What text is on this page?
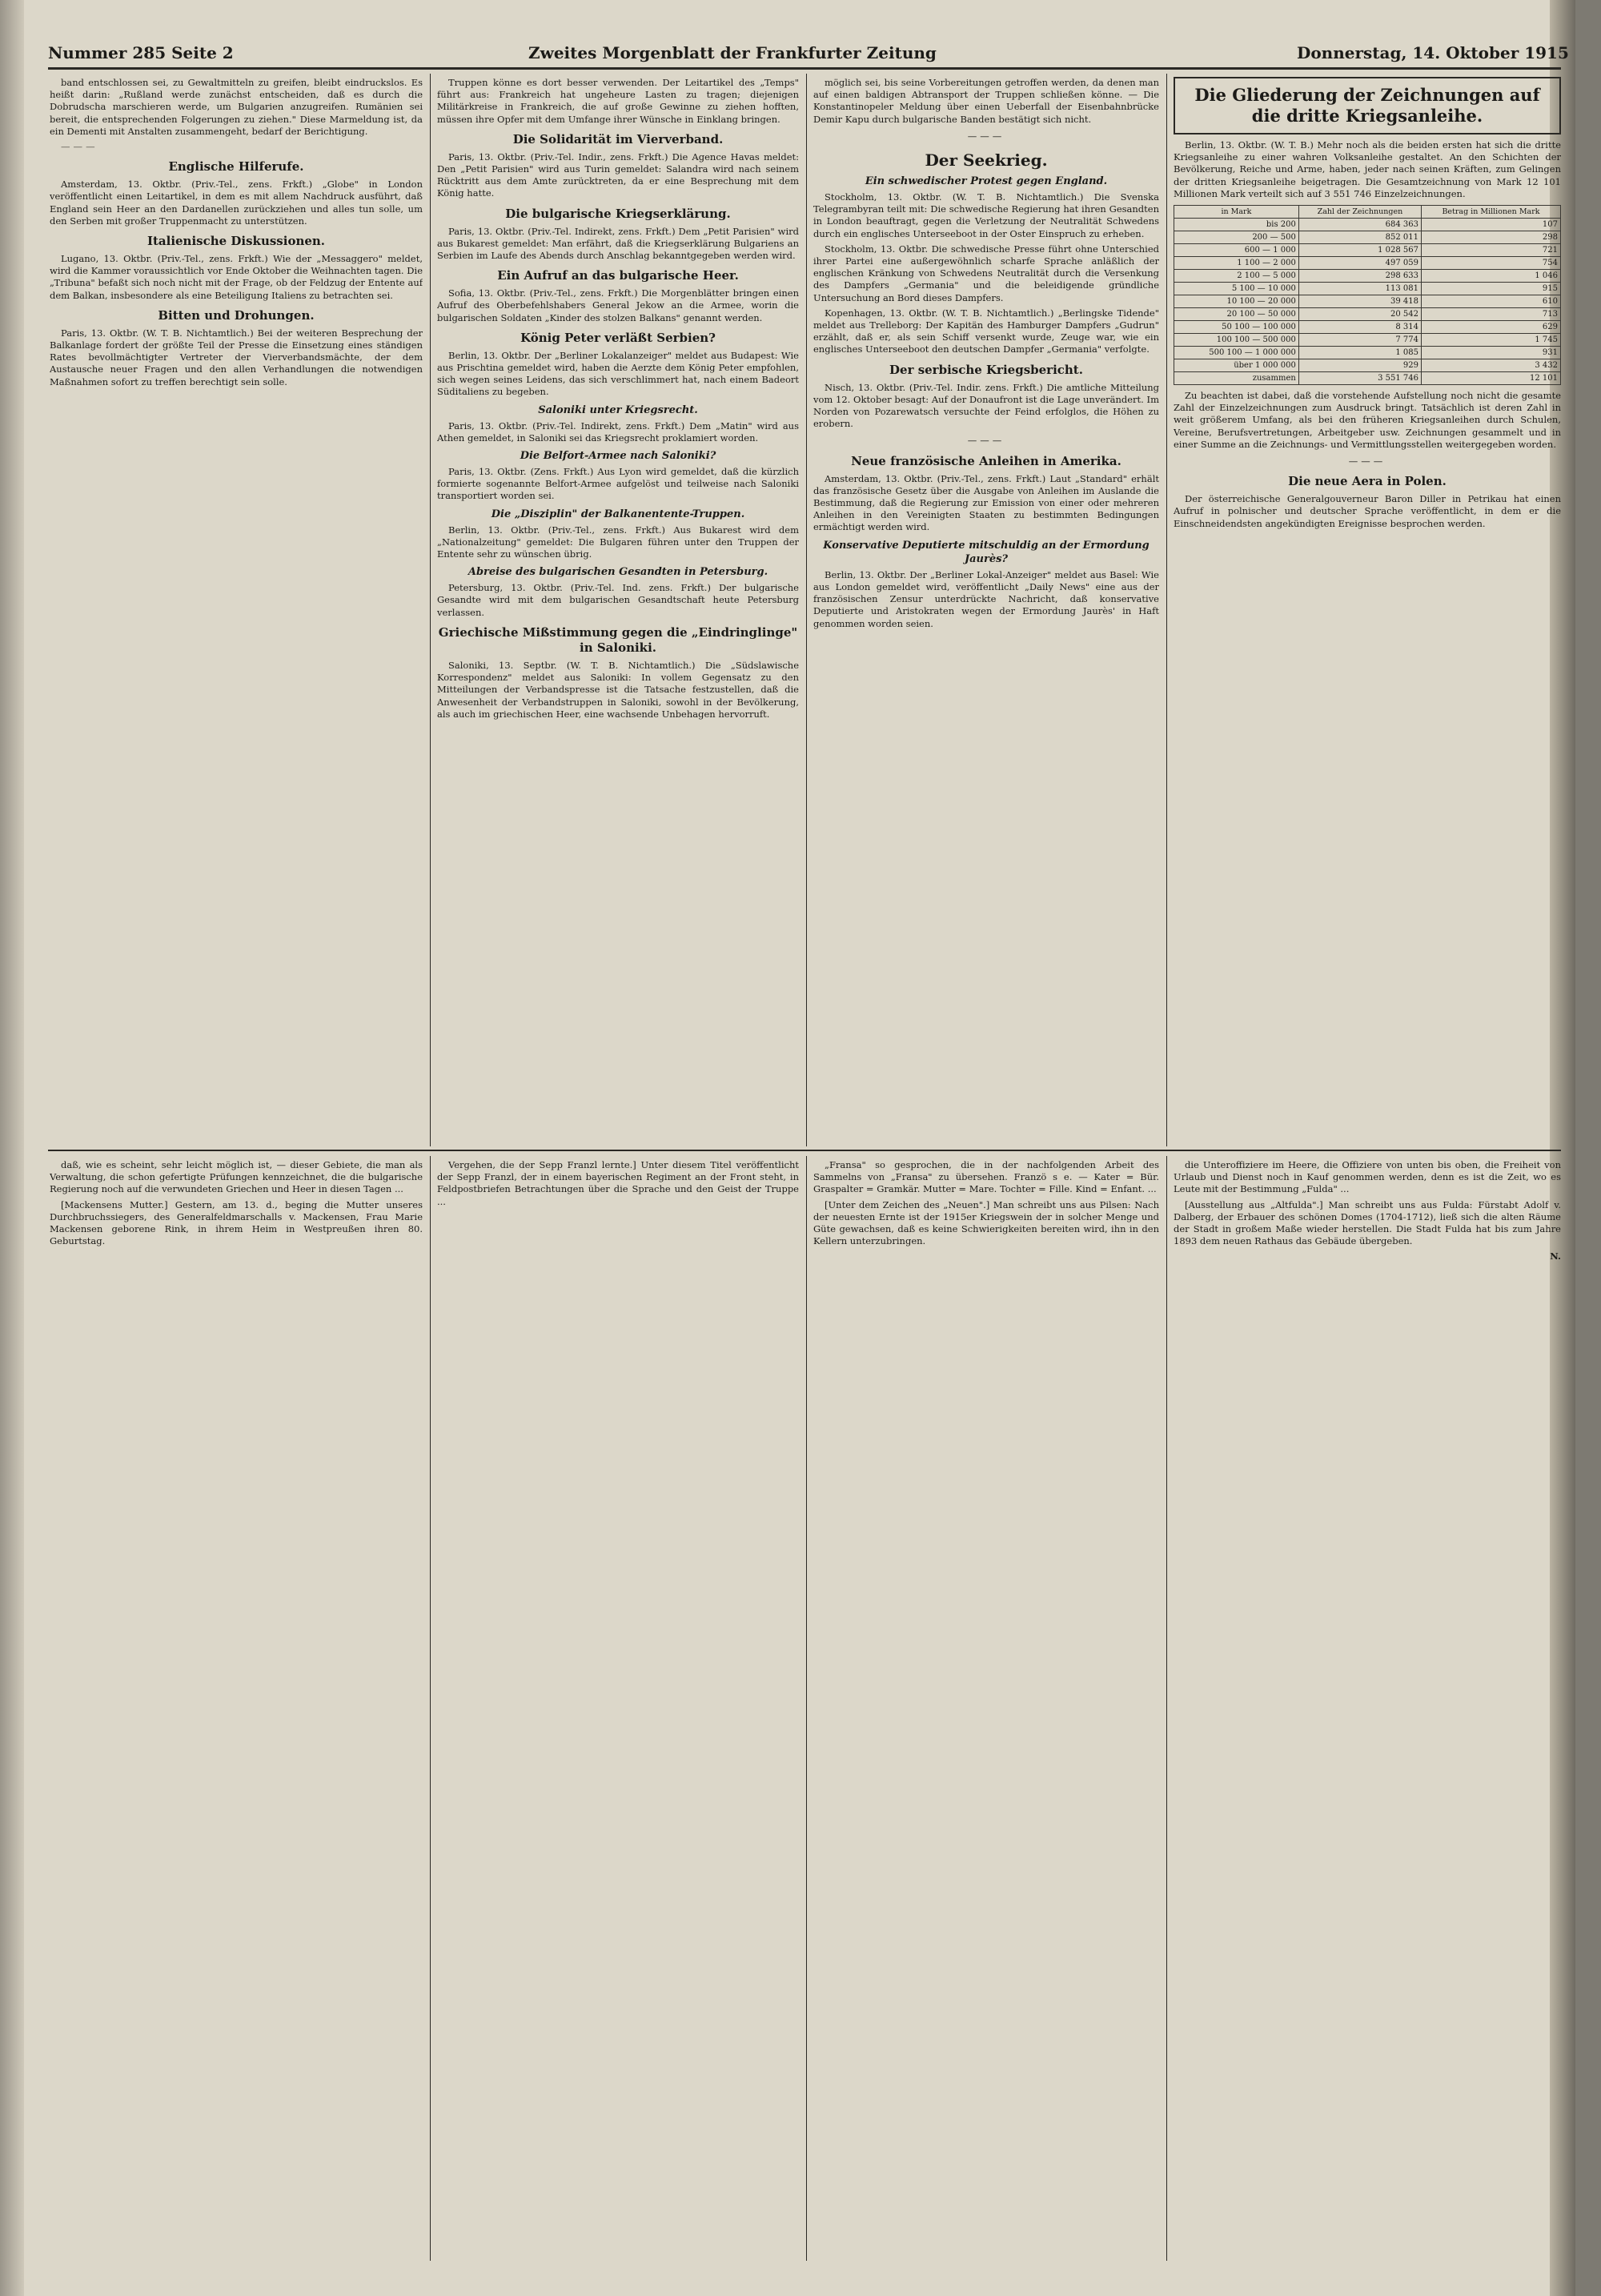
Nummer 285 Seite 2	Zweites Morgenblatt der Frankfurter Zeitung	Donnerstag, 14. Oktober 1915

band entschlossen sei, zu Gewaltmitteln zu greifen, bleibt eindruckslos. Es heißt darin: „Rußland werde zunächst entscheiden, daß es durch die Dobrudscha marschieren werde, um Bulgarien anzugreifen. Rumänien sei bereit, die entsprechenden Folgerungen zu ziehen." Diese Marmeldung ist, da ein Dementi mit Anstalten zusammengeht, bedarf der Berichtigung.

— — —

Englische Hilferufe.

Amsterdam, 13. Oktbr. (Priv.-Tel., zens. Frkft.) „Globe" in London veröffentlicht einen Leitartikel, in dem es mit allem Nachdruck ausführt, daß England sein Heer an den Dardanellen zurückziehen und alles tun solle, um den Serben mit großer Truppenmacht zu unterstützen.

Italienische Diskussionen.

Lugano, 13. Oktbr. (Priv.-Tel., zens. Frkft.) Wie der „Messaggero" meldet, wird die Kammer voraussichtlich vor Ende Oktober die Weihnachten tagen. Die „Tribuna" befaßt sich noch nicht mit der Frage, ob der Feldzug der Entente auf dem Balkan, insbesondere als eine Beteiligung Italiens zu betrachten sei.

Bitten und Drohungen.

Paris, 13. Oktbr. (W. T. B. Nichtamtlich.) Bei der weiteren Besprechung der Balkanlage fordert der größte Teil der Presse die Einsetzung eines ständigen Rates bevollmächtigter Vertreter der Vierverbandsmächte, der dem Austausche neuer Fragen und den allen Verhandlungen die notwendigen Maßnahmen sofort zu treffen berechtigt sein solle.

Truppen könne es dort besser verwenden. Der Leitartikel des „Temps" führt aus: Frankreich hat ungeheure Lasten zu tragen; diejenigen Militärkreise in Frankreich, die auf große Gewinne zu ziehen hofften, müssen ihre Opfer mit dem Umfange ihrer Wünsche in Einklang bringen.

Die Solidarität im Vierverband.

Paris, 13. Oktbr. (Priv.-Tel. Indir., zens. Frkft.) Die Agence Havas meldet: Den „Petit Parisien" wird aus Turin gemeldet: Salandra wird nach seinem Rücktritt aus dem Amte zurücktreten, da er eine Besprechung mit dem König hatte.

Die bulgarische Kriegserklärung.

Paris, 13. Oktbr. (Priv.-Tel. Indirekt, zens. Frkft.) Dem „Petit Parisien" wird aus Bukarest gemeldet: Man erfährt, daß die Kriegserklärung Bulgariens an Serbien im Laufe des Abends durch Anschlag bekanntgegeben werden wird.

Ein Aufruf an das bulgarische Heer.

Sofia, 13. Oktbr. (Priv.-Tel., zens. Frkft.) Die Morgenblätter bringen einen Aufruf des Oberbefehlshabers General Jekow an die Armee, worin die bulgarischen Soldaten „Kinder des stolzen Balkans" genannt werden.

König Peter verläßt Serbien?

Berlin, 13. Oktbr. Der „Berliner Lokalanzeiger" meldet aus Budapest: Wie aus Prischtina gemeldet wird, haben die Aerzte dem König Peter empfohlen, sich wegen seines Leidens, das sich verschlimmert hat, nach einem Badeort Süditaliens zu begeben.

Saloniki unter Kriegsrecht.

Paris, 13. Oktbr. (Priv.-Tel. Indirekt, zens. Frkft.) Dem „Matin" wird aus Athen gemeldet, in Saloniki sei das Kriegsrecht proklamiert worden.

Die Belfort-Armee nach Saloniki?

Paris, 13. Oktbr. (Zens. Frkft.) Aus Lyon wird gemeldet, daß die kürzlich formierte sogenannte Belfort-Armee aufgelöst und teilweise nach Saloniki transportiert worden sei.

Die „Disziplin" der Balkanentente-Truppen.

Berlin, 13. Oktbr. (Priv.-Tel., zens. Frkft.) Aus Bukarest wird dem „Nationalzeitung" gemeldet: Die Bulgaren führen unter den Truppen der Entente sehr zu wünschen übrig.

Abreise des bulgarischen Gesandten in Petersburg.

Petersburg, 13. Oktbr. (Priv.-Tel. Ind. zens. Frkft.) Der bulgarische Gesandte wird mit dem bulgarischen Gesandtschaft heute Petersburg verlassen.

Griechische Mißstimmung gegen die „Eindringlinge" in Saloniki.

Saloniki, 13. Septbr. (W. T. B. Nichtamtlich.) Die „Südslawische Korrespondenz" meldet aus Saloniki: In vollem Gegensatz zu den Mitteilungen der Verbandspresse ist die Tatsache festzustellen, daß die Anwesenheit der Verbandstruppen in Saloniki, sowohl in der Bevölkerung, als auch im griechischen Heer, eine wachsende Unbehagen hervorruft.

möglich sei, bis seine Vorbereitungen getroffen werden, da denen man auf einen baldigen Abtransport der Truppen schließen könne. — Die Konstantinopeler Meldung über einen Ueberfall der Eisenbahnbrücke Demir Kapu durch bulgarische Banden bestätigt sich nicht.

———
Der Seekrieg.
Ein schwedischer Protest gegen England.

Stockholm, 13. Oktbr. (W. T. B. Nichtamtlich.) Die Svenska Telegrambyran teilt mit: Die schwedische Regierung hat ihren Gesandten in London beauftragt, gegen die Verletzung der Neutralität Schwedens durch ein englisches Unterseeboot in der Oster Einspruch zu erheben.

Stockholm, 13. Oktbr. Die schwedische Presse führt ohne Unterschied ihrer Partei eine außergewöhnlich scharfe Sprache anläßlich der englischen Kränkung von Schwedens Neutralität durch die Versenkung des Dampfers „Germania" und die beleidigende gründliche Untersuchung an Bord dieses Dampfers.

Kopenhagen, 13. Oktbr. (W. T. B. Nichtamtlich.) „Berlingske Tidende" meldet aus Trelleborg: Der Kapitän des Hamburger Dampfers „Gudrun" erzählt, daß er, als sein Schiff versenkt wurde, Zeuge war, wie ein englisches Unterseeboot den deutschen Dampfer „Germania" verfolgte.

Der serbische Kriegsbericht.

Nisch, 13. Oktbr. (Priv.-Tel. Indir. zens. Frkft.) Die amtliche Mitteilung vom 12. Oktober besagt: Auf der Donaufront ist die Lage unverändert. Im Norden von Pozarewatsch versuchte der Feind erfolglos, die Höhen zu erobern.

———
Neue französische Anleihen in Amerika.

Amsterdam, 13. Oktbr. (Priv.-Tel., zens. Frkft.) Laut „Standard" erhält das französische Gesetz über die Ausgabe von Anleihen im Auslande die Bestimmung, daß die Regierung zur Emission von einer oder mehreren Anleihen in den Vereinigten Staaten zu bestimmten Bedingungen ermächtigt werden wird.

Konservative Deputierte mitschuldig an der Ermordung Jaurès?

Berlin, 13. Oktbr. Der „Berliner Lokal-Anzeiger" meldet aus Basel: Wie aus London gemeldet wird, veröffentlicht „Daily News" eine aus der französischen Zensur unterdrückte Nachricht, daß konservative Deputierte und Aristokraten wegen der Ermordung Jaurès' in Haft genommen worden seien.

Die Gliederung der Zeichnungen auf die dritte Kriegsanleihe.

Berlin, 13. Oktbr. (W. T. B.) Mehr noch als die beiden ersten hat sich die dritte Kriegsanleihe zu einer wahren Volksanleihe gestaltet. An den Schichten der Bevölkerung, Reiche und Arme, haben, jeder nach seinen Kräften, zum Gelingen der dritten Kriegsanleihe beigetragen. Die Gesamtzeichnung von Mark 12 101 Millionen Mark verteilt sich auf 3 551 746 Einzelzeichnungen.

in Mark	Zahl der Zeichnungen	Betrag in Millionen Mark
bis 200	684 363	107
200 — 500	852 011	298
600 — 1 000	1 028 567	721
1 100 — 2 000	497 059	754
2 100 — 5 000	298 633	1 046
5 100 — 10 000	113 081	915
10 100 — 20 000	39 418	610
20 100 — 50 000	20 542	713
50 100 — 100 000	8 314	629
100 100 — 500 000	7 774	1 745
500 100 — 1 000 000	1 085	931
über 1 000 000	929	3 432
zusammen	3 551 746	12 101

Zu beachten ist dabei, daß die vorstehende Aufstellung noch nicht die gesamte Zahl der Einzelzeichnungen zum Ausdruck bringt. Tatsächlich ist deren Zahl in weit größerem Umfang, als bei den früheren Kriegsanleihen durch Schulen, Vereine, Berufsvertretungen, Arbeitgeber usw. Zeichnungen gesammelt und in einer Summe an die Zeichnungs- und Vermittlungsstellen weitergegeben worden.

———
Die neue Aera in Polen.

Der österreichische Generalgouverneur Baron Diller in Petrikau hat einen Aufruf in polnischer und deutscher Sprache veröffentlicht, in dem er die Einschneidendsten angekündigten Ereignisse besprochen werden.

daß, wie es scheint, sehr leicht möglich ist, — dieser Gebiete, die man als Verwaltung, die schon gefertigte Prüfungen kennzeichnet, die die bulgarische Regierung noch auf die verwundeten Griechen und Heer in diesen Tagen ...

[Mackensens Mutter.] Gestern, am 13. d., beging die Mutter unseres Durchbruchssiegers, des Generalfeldmarschalls v. Mackensen, Frau Marie Mackensen geborene Rink, in ihrem Heim in Westpreußen ihren 80. Geburtstag.

Vergehen, die der Sepp Franzl lernte.] Unter diesem Titel veröffentlicht der Sepp Franzl, der in einem bayerischen Regiment an der Front steht, in Feldpostbriefen Betrachtungen über die Sprache und den Geist der Truppe ...

„Fransa" so gesprochen, die in der nachfolgenden Arbeit des Sammelns von „Fransa" zu übersehen. Franzö s e. — Kater = Bür. Graspalter = Gramkär. Mutter = Mare. Tochter = Fille. Kind = Enfant. ...

[Unter dem Zeichen des „Neuen".] Man schreibt uns aus Pilsen: Nach der neuesten Ernte ist der 1915er Kriegswein der in solcher Menge und Güte gewachsen, daß es keine Schwierigkeiten bereiten wird, ihn in den Kellern unterzubringen.

die Unteroffiziere im Heere, die Offiziere von unten bis oben, die Freiheit von Urlaub und Dienst noch in Kauf genommen werden, denn es ist die Zeit, wo es Leute mit der Bestimmung „Fulda" ...

[Ausstellung aus „Altfulda".] Man schreibt uns aus Fulda: Fürstabt Adolf v. Dalberg, der Erbauer des schönen Domes (1704-1712), ließ sich die alten Räume der Stadt in großem Maße wieder herstellen. Die Stadt Fulda hat bis zum Jahre 1893 dem neuen Rathaus das Gebäude übergeben.

N.
